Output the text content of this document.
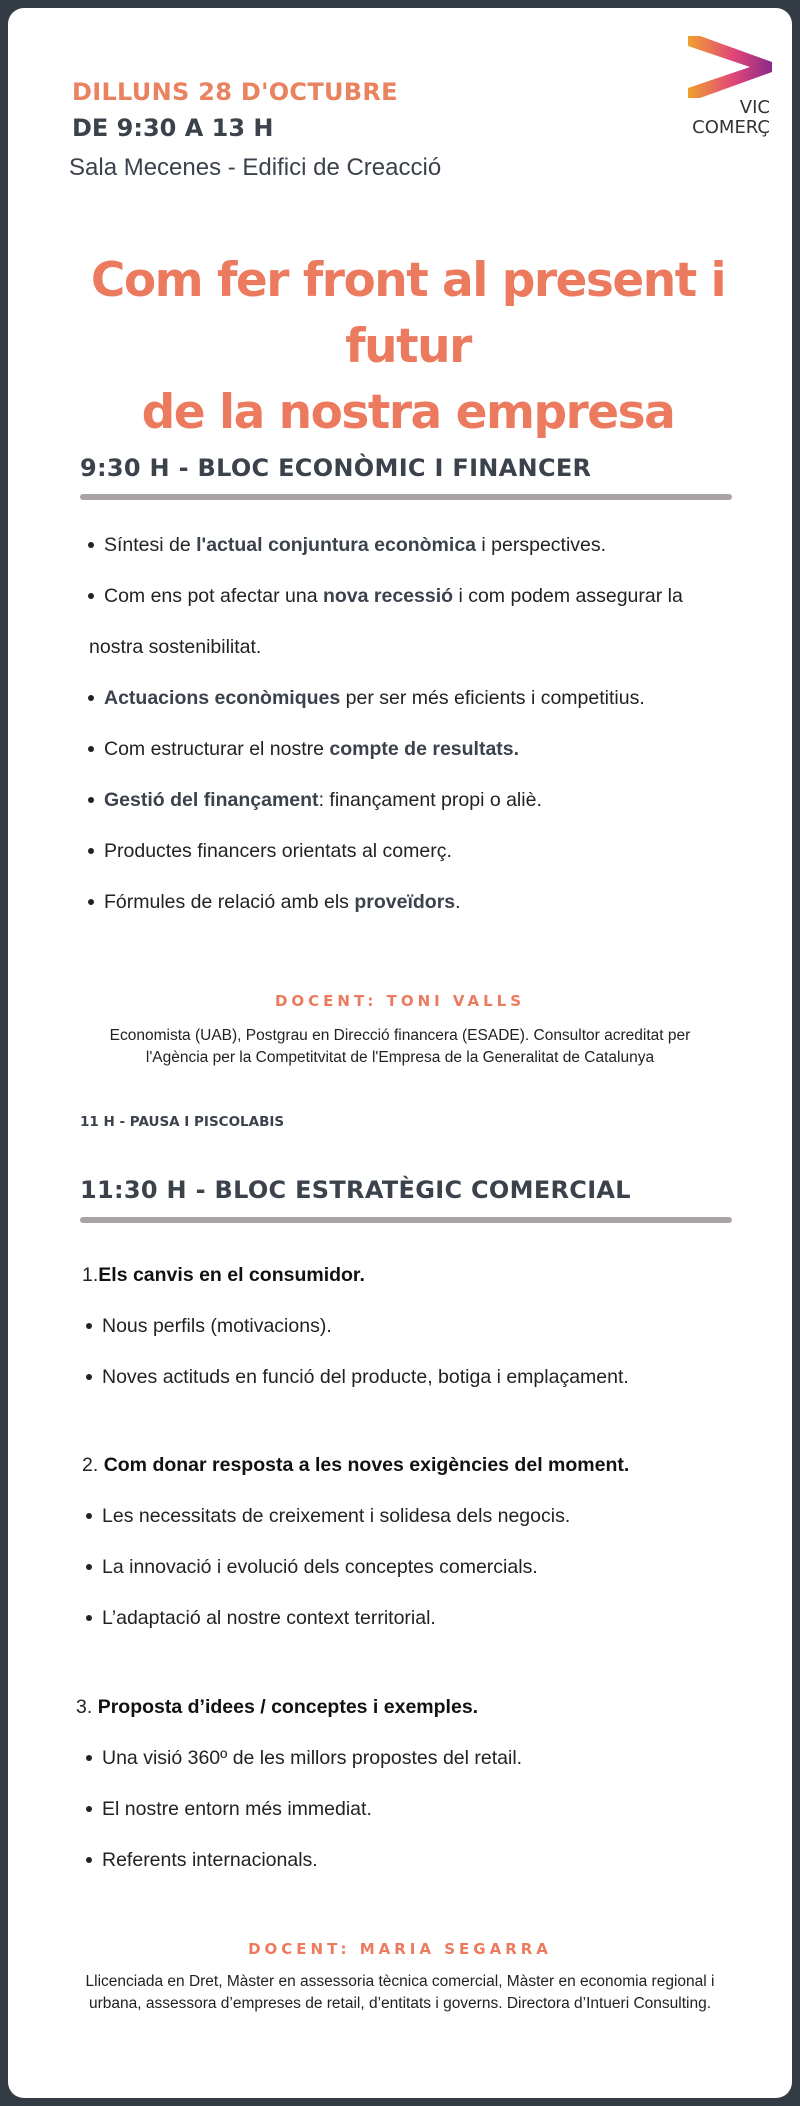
DILLUNS 28 D'OCTUBRE
DE 9:30 A 13 H
Sala Mecenes - Edifici de Creacció
VIC
COMERÇ
Com fer front al present i futur
de la nostra empresa
9:30 H - BLOC ECONÒMIC I FINANCER
Síntesi de l'actual conjuntura econòmica i perspectives.
Com ens pot afectar una nova recessió i com podem assegurar la
nostra sostenibilitat.
Actuacions econòmiques per ser més eficients i competitius.
Com estructurar el nostre compte de resultats.
Gestió del finançament: finançament propi o aliè.
Productes financers orientats al comerç.
Fórmules de relació amb els proveïdors.
DOCENT: TONI VALLS
Economista (UAB), Postgrau en Direcció financera (ESADE). Consultor acreditat per
l'Agència per la Competitvitat de l'Empresa de la Generalitat de Catalunya
11 H - PAUSA I PISCOLABIS
11:30 H - BLOC ESTRATÈGIC COMERCIAL
1.Els canvis en el consumidor.
Nous perfils (motivacions).
Noves actituds en funció del producte, botiga i emplaçament.
2. Com donar resposta a les noves exigències del moment.
Les necessitats de creixement i solidesa dels negocis.
La innovació i evolució dels conceptes comercials.
L’adaptació al nostre context territorial.
3. Proposta d’idees / conceptes i exemples.
Una visió 360º de les millors propostes del retail.
El nostre entorn més immediat.
Referents internacionals.
DOCENT: MARIA SEGARRA
Llicenciada en Dret, Màster en assessoria tècnica comercial, Màster en economia regional i
urbana, assessora d’empreses de retail, d’entitats i governs. Directora d’Intueri Consulting.
